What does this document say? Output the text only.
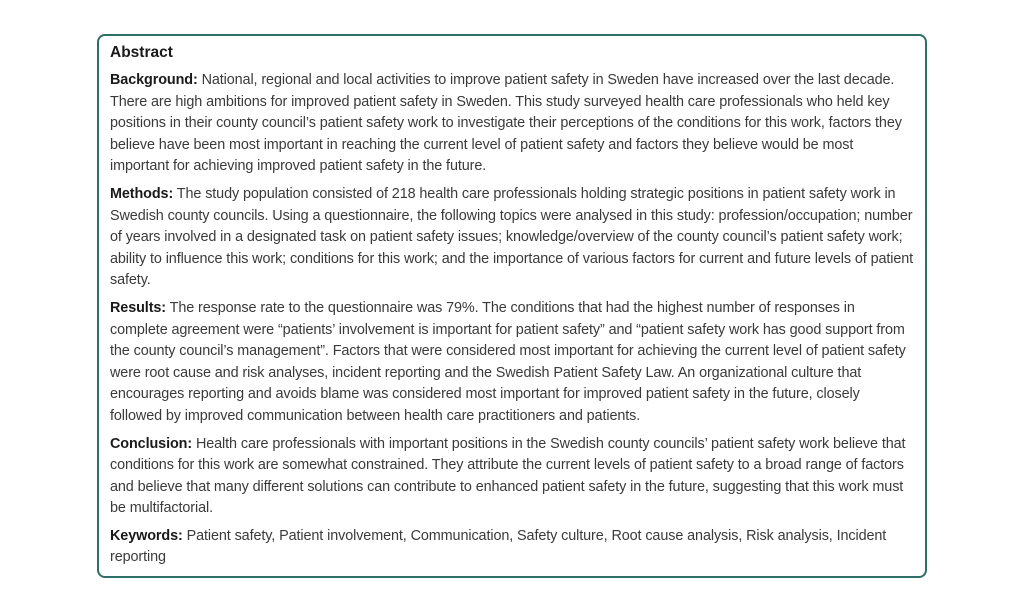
Abstract

Background: National, regional and local activities to improve patient safety in Sweden have increased over the last decade. There are high ambitions for improved patient safety in Sweden. This study surveyed health care professionals who held key positions in their county council’s patient safety work to investigate their perceptions of the conditions for this work, factors they believe have been most important in reaching the current level of patient safety and factors they believe would be most important for achieving improved patient safety in the future.

Methods: The study population consisted of 218 health care professionals holding strategic positions in patient safety work in Swedish county councils. Using a questionnaire, the following topics were analysed in this study: profession/occupation; number of years involved in a designated task on patient safety issues; knowledge/overview of the county council’s patient safety work; ability to influence this work; conditions for this work; and the importance of various factors for current and future levels of patient safety.

Results: The response rate to the questionnaire was 79%. The conditions that had the highest number of responses in complete agreement were “patients’ involvement is important for patient safety” and “patient safety work has good support from the county council’s management”. Factors that were considered most important for achieving the current level of patient safety were root cause and risk analyses, incident reporting and the Swedish Patient Safety Law. An organizational culture that encourages reporting and avoids blame was considered most important for improved patient safety in the future, closely followed by improved communication between health care practitioners and patients.

Conclusion: Health care professionals with important positions in the Swedish county councils’ patient safety work believe that conditions for this work are somewhat constrained. They attribute the current levels of patient safety to a broad range of factors and believe that many different solutions can contribute to enhanced patient safety in the future, suggesting that this work must be multifactorial.

Keywords: Patient safety, Patient involvement, Communication, Safety culture, Root cause analysis, Risk analysis, Incident reporting
